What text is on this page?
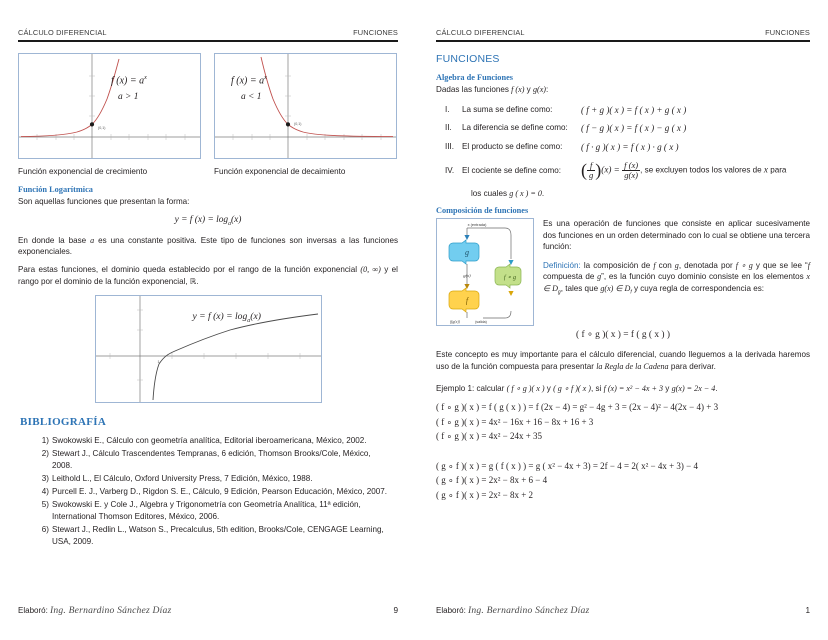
CÁLCULO DIFERENCIAL	FUNCIONES
f $(x) = a^x$
a > 1
(0,1)
f $(x) = a^x$
a < 1
(0,1)
Función exponencial de crecimiento	Función exponencial de decaimiento
Función Logarítmica

Son aquellas funciones que presentan la forma:

y = f $(x) = \log_a(x)$

En donde la base a es una constante positiva. Este tipo de funciones son inversas a las funciones exponenciales.

Para estas funciones, el dominio queda establecido por el rango de la función exponencial (0, ∞) y el rango por el dominio de la función exponencial, ℝ.

y = f $(x) = \log_a(x)$
1
BIBLIOGRAFÍA
1) Swokowski E., Cálculo con geometría analítica, Editorial iberoamericana, México, 2002.
2) Stewart J., Cálculo Trascendentes Tempranas, 6 edición, Thomson Brooks/Cole, México, 2008.
3) Leithold L., El Cálculo, Oxford University Press, 7 Edición, México, 1988.
4) Purcell E. J., Varberg D., Rigdon S. E., Cálculo, 9 Edición, Pearson Educación, México, 2007.
5) Swokowski E. y Cole J., Algebra y Trigonometría con Geometría Analítica, 11ª edición, International Thomson Editores, México, 2006.
6) Stewart J., Redlin L., Watson S., Precalculus, 5th edition, Brooks/Cole, CENGAGE Learning, USA, 2009.
Elaboró: Ing. Bernardino Sánchez Díaz	9
CÁLCULO DIFERENCIAL	FUNCIONES
FUNCIONES
Algebra de Funciones

Dadas las funciones f (x) y g(x):

I.	La suma se define como:	( f + g )( x ) = f ( x ) + g ( x )
II.	La diferencia se define como:	( f − g )( x ) = f ( x ) − g ( x )
III. El producto se define como:	( f · g )( x ) = f ( x ) · g ( x )
IV. El cociente se define como:	( $\frac{f}{g} )(x) = \frac{f (x)}{g(x)}$ , se excluyen todos los valores de x para

los cuales g ( x ) = 0.

Composición de funciones
g
g(x)
f
f ∘ g
x (entrada)
f(g(x))	(salida)

Es una operación de funciones que consiste en aplicar sucesivamente dos funciones en un orden determinado con lo cual se obtiene una tercera función:

Definición: la composición de f con g, denotada por f ∘ g y que se lee “f compuesta de g”, es la función cuyo dominio consiste en los elementos x ∈ $D_g$, tales que g(x) ∈ $D_f$ y cuya regla de correspondencia es:

( f ∘ g )( x ) = f ( g ( x ) )

Este concepto es muy importante para el cálculo diferencial, cuando lleguemos a la derivada haremos uso de la función compuesta para presentar la Regla de la Cadena para derivar.

Ejemplo 1: calcular ( f ∘ g )( x ) y ( g ∘ f )( x ), si f (x) = x² − 4x + 3 y g(x) = 2x − 4.

( f ∘ g )( x ) = f ( g ( x ) ) = f (2x − 4) = g² − 4g + 3 = (2x − 4)² − 4(2x − 4) + 3
( f ∘ g )( x ) = 4x² − 16x + 16 − 8x + 16 + 3
( f ∘ g )( x ) = 4x² − 24x + 35
( g ∘ f )( x ) = g ( f ( x ) ) = g ( x² − 4x + 3) = 2f − 4 = 2( x² − 4x + 3) − 4
( g ∘ f )( x ) = 2x² − 8x + 6 − 4
( g ∘ f )( x ) = 2x² − 8x + 2
Elaboró: Ing. Bernardino Sánchez Díaz	1
